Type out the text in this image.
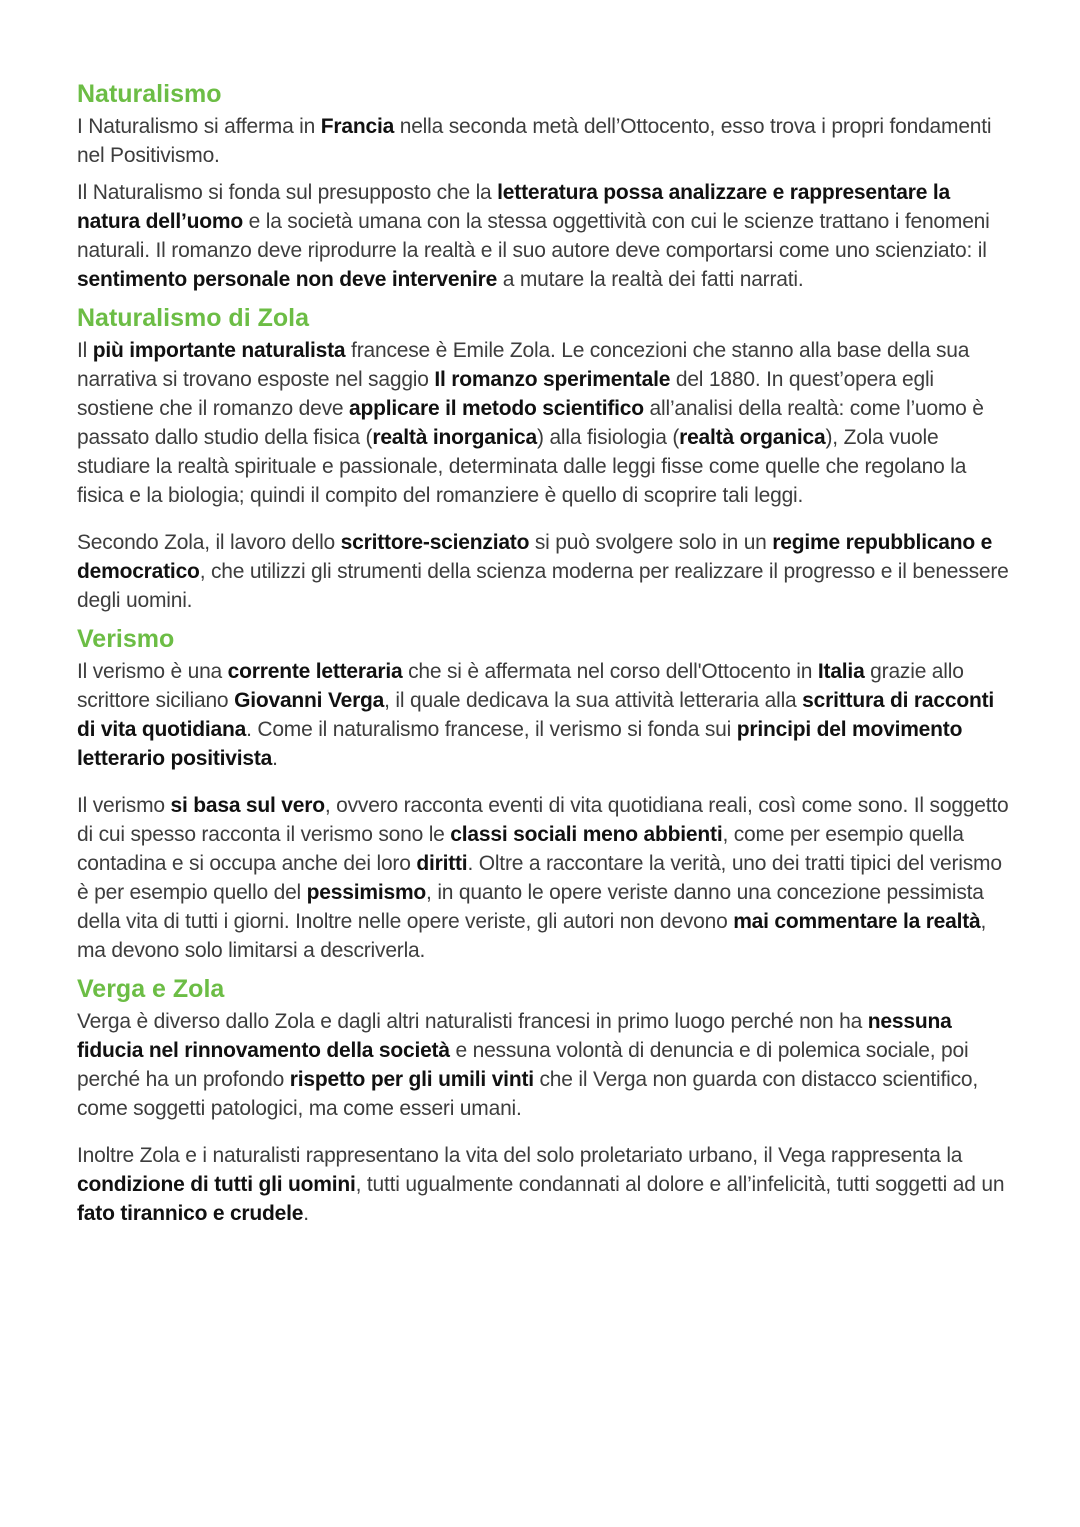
Naturalismo

I Naturalismo si afferma in Francia nella seconda metà dell’Ottocento, esso trova i propri fondamenti nel Positivismo.

Il Naturalismo si fonda sul presupposto che la letteratura possa analizzare e rappresentare la natura dell’uomo e la società umana con la stessa oggettività con cui le scienze trattano i fenomeni naturali. Il romanzo deve riprodurre la realtà e il suo autore deve comportarsi come uno scienziato: il sentimento personale non deve intervenire a mutare la realtà dei fatti narrati.

Naturalismo di Zola

Il più importante naturalista francese è Emile Zola. Le concezioni che stanno alla base della sua narrativa si trovano esposte nel saggio Il romanzo sperimentale del 1880. In quest’opera egli sostiene che il romanzo deve applicare il metodo scientifico all’analisi della realtà: come l’uomo è passato dallo studio della fisica (realtà inorganica) alla fisiologia (realtà organica), Zola vuole studiare la realtà spirituale e passionale, determinata dalle leggi fisse come quelle che regolano la fisica e la biologia; quindi il compito del romanziere è quello di scoprire tali leggi.

Secondo Zola, il lavoro dello scrittore-scienziato si può svolgere solo in un regime repubblicano e democratico, che utilizzi gli strumenti della scienza moderna per realizzare il progresso e il benessere degli uomini.

Verismo

Il verismo è una corrente letteraria che si è affermata nel corso dell'Ottocento in Italia grazie allo scrittore siciliano Giovanni Verga, il quale dedicava la sua attività letteraria alla scrittura di racconti di vita quotidiana. Come il naturalismo francese, il verismo si fonda sui principi del movimento letterario positivista.

Il verismo si basa sul vero, ovvero racconta eventi di vita quotidiana reali, così come sono. Il soggetto di cui spesso racconta il verismo sono le classi sociali meno abbienti, come per esempio quella contadina e si occupa anche dei loro diritti. Oltre a raccontare la verità, uno dei tratti tipici del verismo è per esempio quello del pessimismo, in quanto le opere veriste danno una concezione pessimista della vita di tutti i giorni. Inoltre nelle opere veriste, gli autori non devono mai commentare la realtà, ma devono solo limitarsi a descriverla.

Verga e Zola

Verga è diverso dallo Zola e dagli altri naturalisti francesi in primo luogo perché non ha nessuna fiducia nel rinnovamento della società e nessuna volontà di denuncia e di polemica sociale, poi perché ha un profondo rispetto per gli umili vinti che il Verga non guarda con distacco scientifico, come soggetti patologici, ma come esseri umani.

Inoltre Zola e i naturalisti rappresentano la vita del solo proletariato urbano, il Vega rappresenta la condizione di tutti gli uomini, tutti ugualmente condannati al dolore e all’infelicità, tutti soggetti ad un fato tirannico e crudele.
